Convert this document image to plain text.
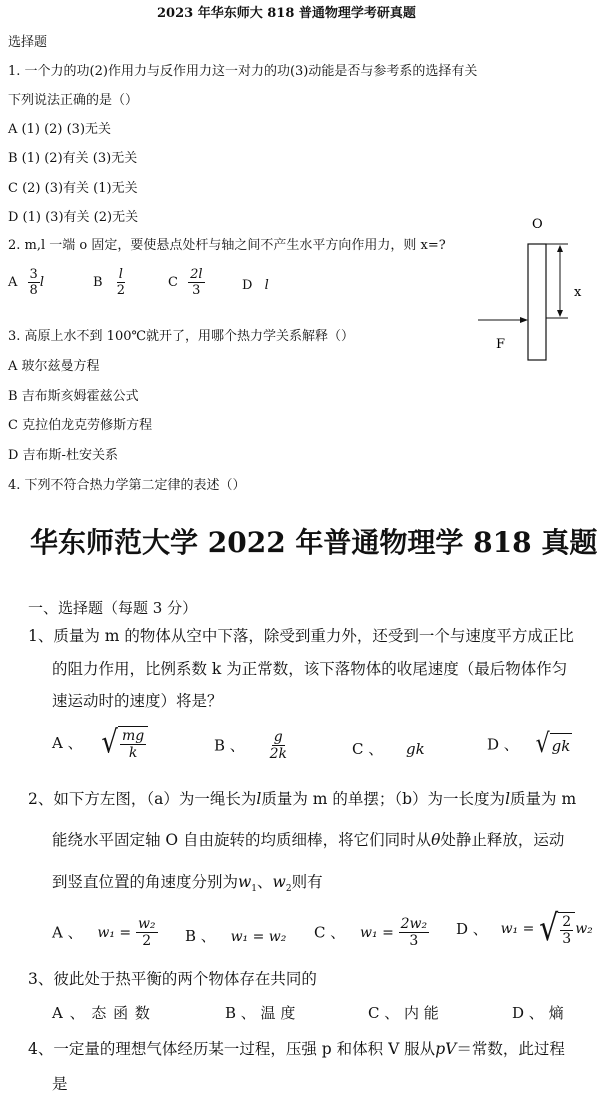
2023 年华东师大 818 普通物理学考研真题
选择题
1. 一个力的功(2)作用力与反作用力这一对力的功(3)动能是否与参考系的选择有关
下列说法正确的是（）
A (1) (2) (3)无关
B (1) (2)有关 (3)无关
C (2) (3)有关 (1)无关
D (1) (3)有关 (2)无关
2. m,l 一端 o 固定，要使悬点处杆与轴之间不产生水平方向作用力，则 x=?
A $\frac{3}{8}$ l	B $\frac{l}{2}$	C $\frac{2l}{3}$	D l
O
x
F
3. 高原上水不到 100℃就开了，用哪个热力学关系解释（）
A 玻尔兹曼方程
B 吉布斯亥姆霍兹公式
C 克拉伯龙克劳修斯方程
D 吉布斯-杜安关系
4. 下列不符合热力学第二定律的表述（）
华东师范大学 2022 年普通物理学 818 真题
一、选择题（每题 3 分）
1、质量为 m 的物体从空中下落，除受到重力外，还受到一个与速度平方成正比
的阻力作用，比例系数 k 为正常数，该下落物体的收尾速度（最后物体作匀
速运动时的速度）将是？
A 、 √ $\frac{mg}{k}$	B 、 $\frac{g}{2k}$	C 、 gk	D 、 √ gk
2、如下方左图，（a）为一绳长为l质量为 m 的单摆；（b）为一长度为l质量为 m
能绕水平固定轴 O 自由旋转的均质细棒，将它们同时从θ处静止释放，运动
到竖直位置的角速度分别为$w_1$、$w_2$则有
A 、 $w_1 = \frac{\text{w₂}}{2}$ B 、 w₁ = w₂ C 、 $w_1 = \frac{\text{2w₂}}{3}$ D 、 w₁ = √ $\frac{2}{3} w_2$
3、彼此处于热平衡的两个物体存在共同的
A 、 态 函 数	B 、 温 度	C 、 内 能	D 、 熵
4、一定量的理想气体经历某一过程，压强 p 和体积 V 服从pV＝常数，此过程
是
